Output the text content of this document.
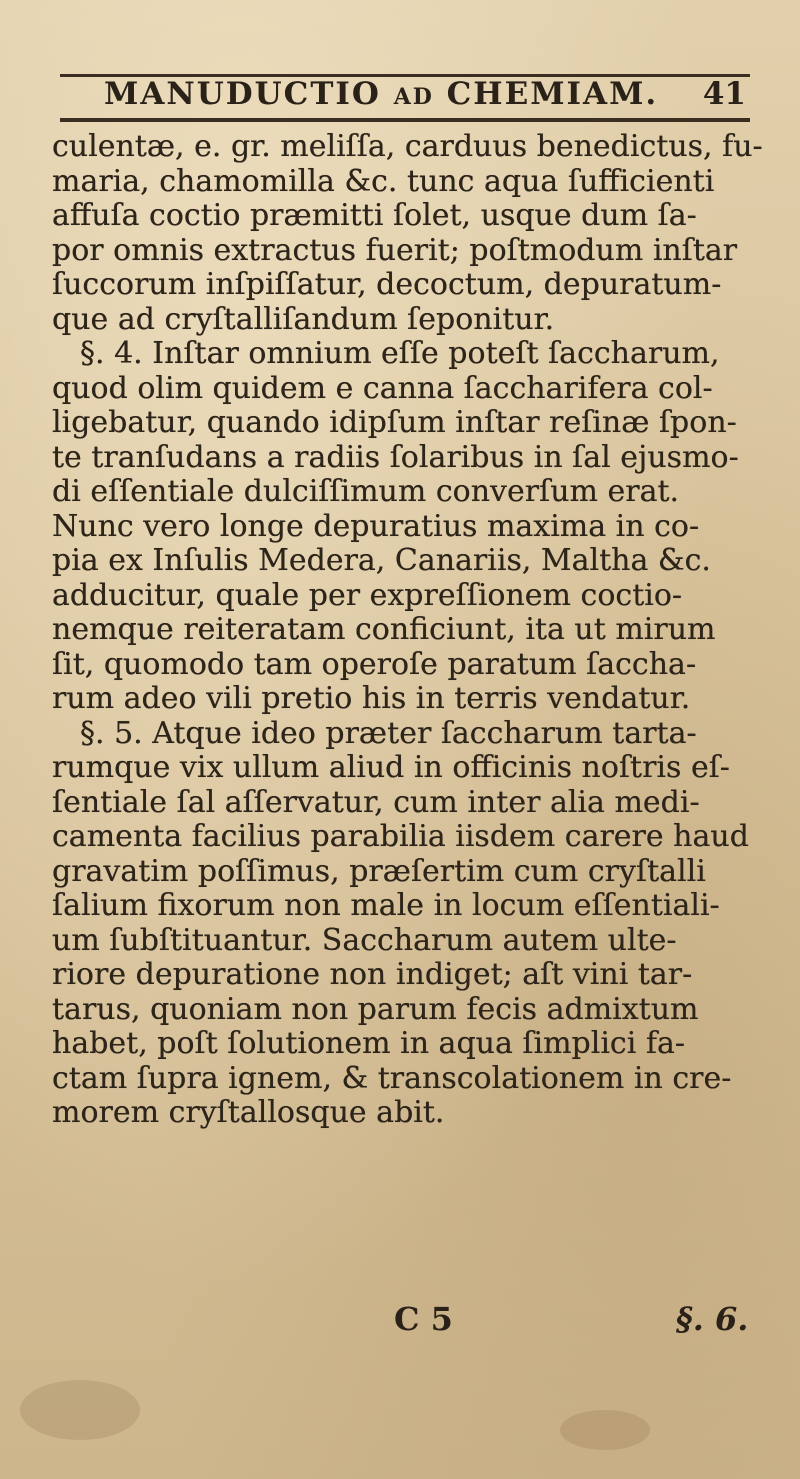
MANUDUCTIO ad CHEMIAM. 41
culentæ, e. gr. meliſſa, carduus benedictus, fu-
maria, chamomilla &c. tunc aqua ſufficienti
affuſa coctio præmitti ſolet, usque dum ſa-
por omnis extractus fuerit; poſtmodum inſtar
ſuccorum inſpiſſatur, decoctum, depuratum-
que ad cryſtalliſandum ſeponitur.
§. 4. Inſtar omnium eſſe poteſt ſaccharum,
quod olim quidem e canna ſaccharifera col-
ligebatur, quando idipſum inſtar reſinæ ſpon-
te tranſudans a radiis ſolaribus in ſal ejusmo-
di eſſentiale dulciſſimum converſum erat.
Nunc vero longe depuratius maxima in co-
pia ex Inſulis Medera, Canariis, Maltha &c.
adducitur, quale per expreſſionem coctio-
nemque reiteratam conficiunt, ita ut mirum
ſit, quomodo tam operoſe paratum ſaccha-
rum adeo vili pretio his in terris vendatur.
§. 5. Atque ideo præter ſaccharum tarta-
rumque vix ullum aliud in officinis noſtris eſ-
ſentiale ſal aſſervatur, cum inter alia medi-
camenta facilius parabilia iisdem carere haud
gravatim poſſimus, præſertim cum cryſtalli
ſalium fixorum non male in locum eſſentiali-
um ſubſtituantur. Saccharum autem ulte-
riore depuratione non indiget; aſt vini tar-
tarus, quoniam non parum fecis admixtum
habet, poſt ſolutionem in aqua ſimplici fa-
ctam ſupra ignem, & transcolationem in cre-
morem cryſtallosque abit.
C 5	§. 6.
